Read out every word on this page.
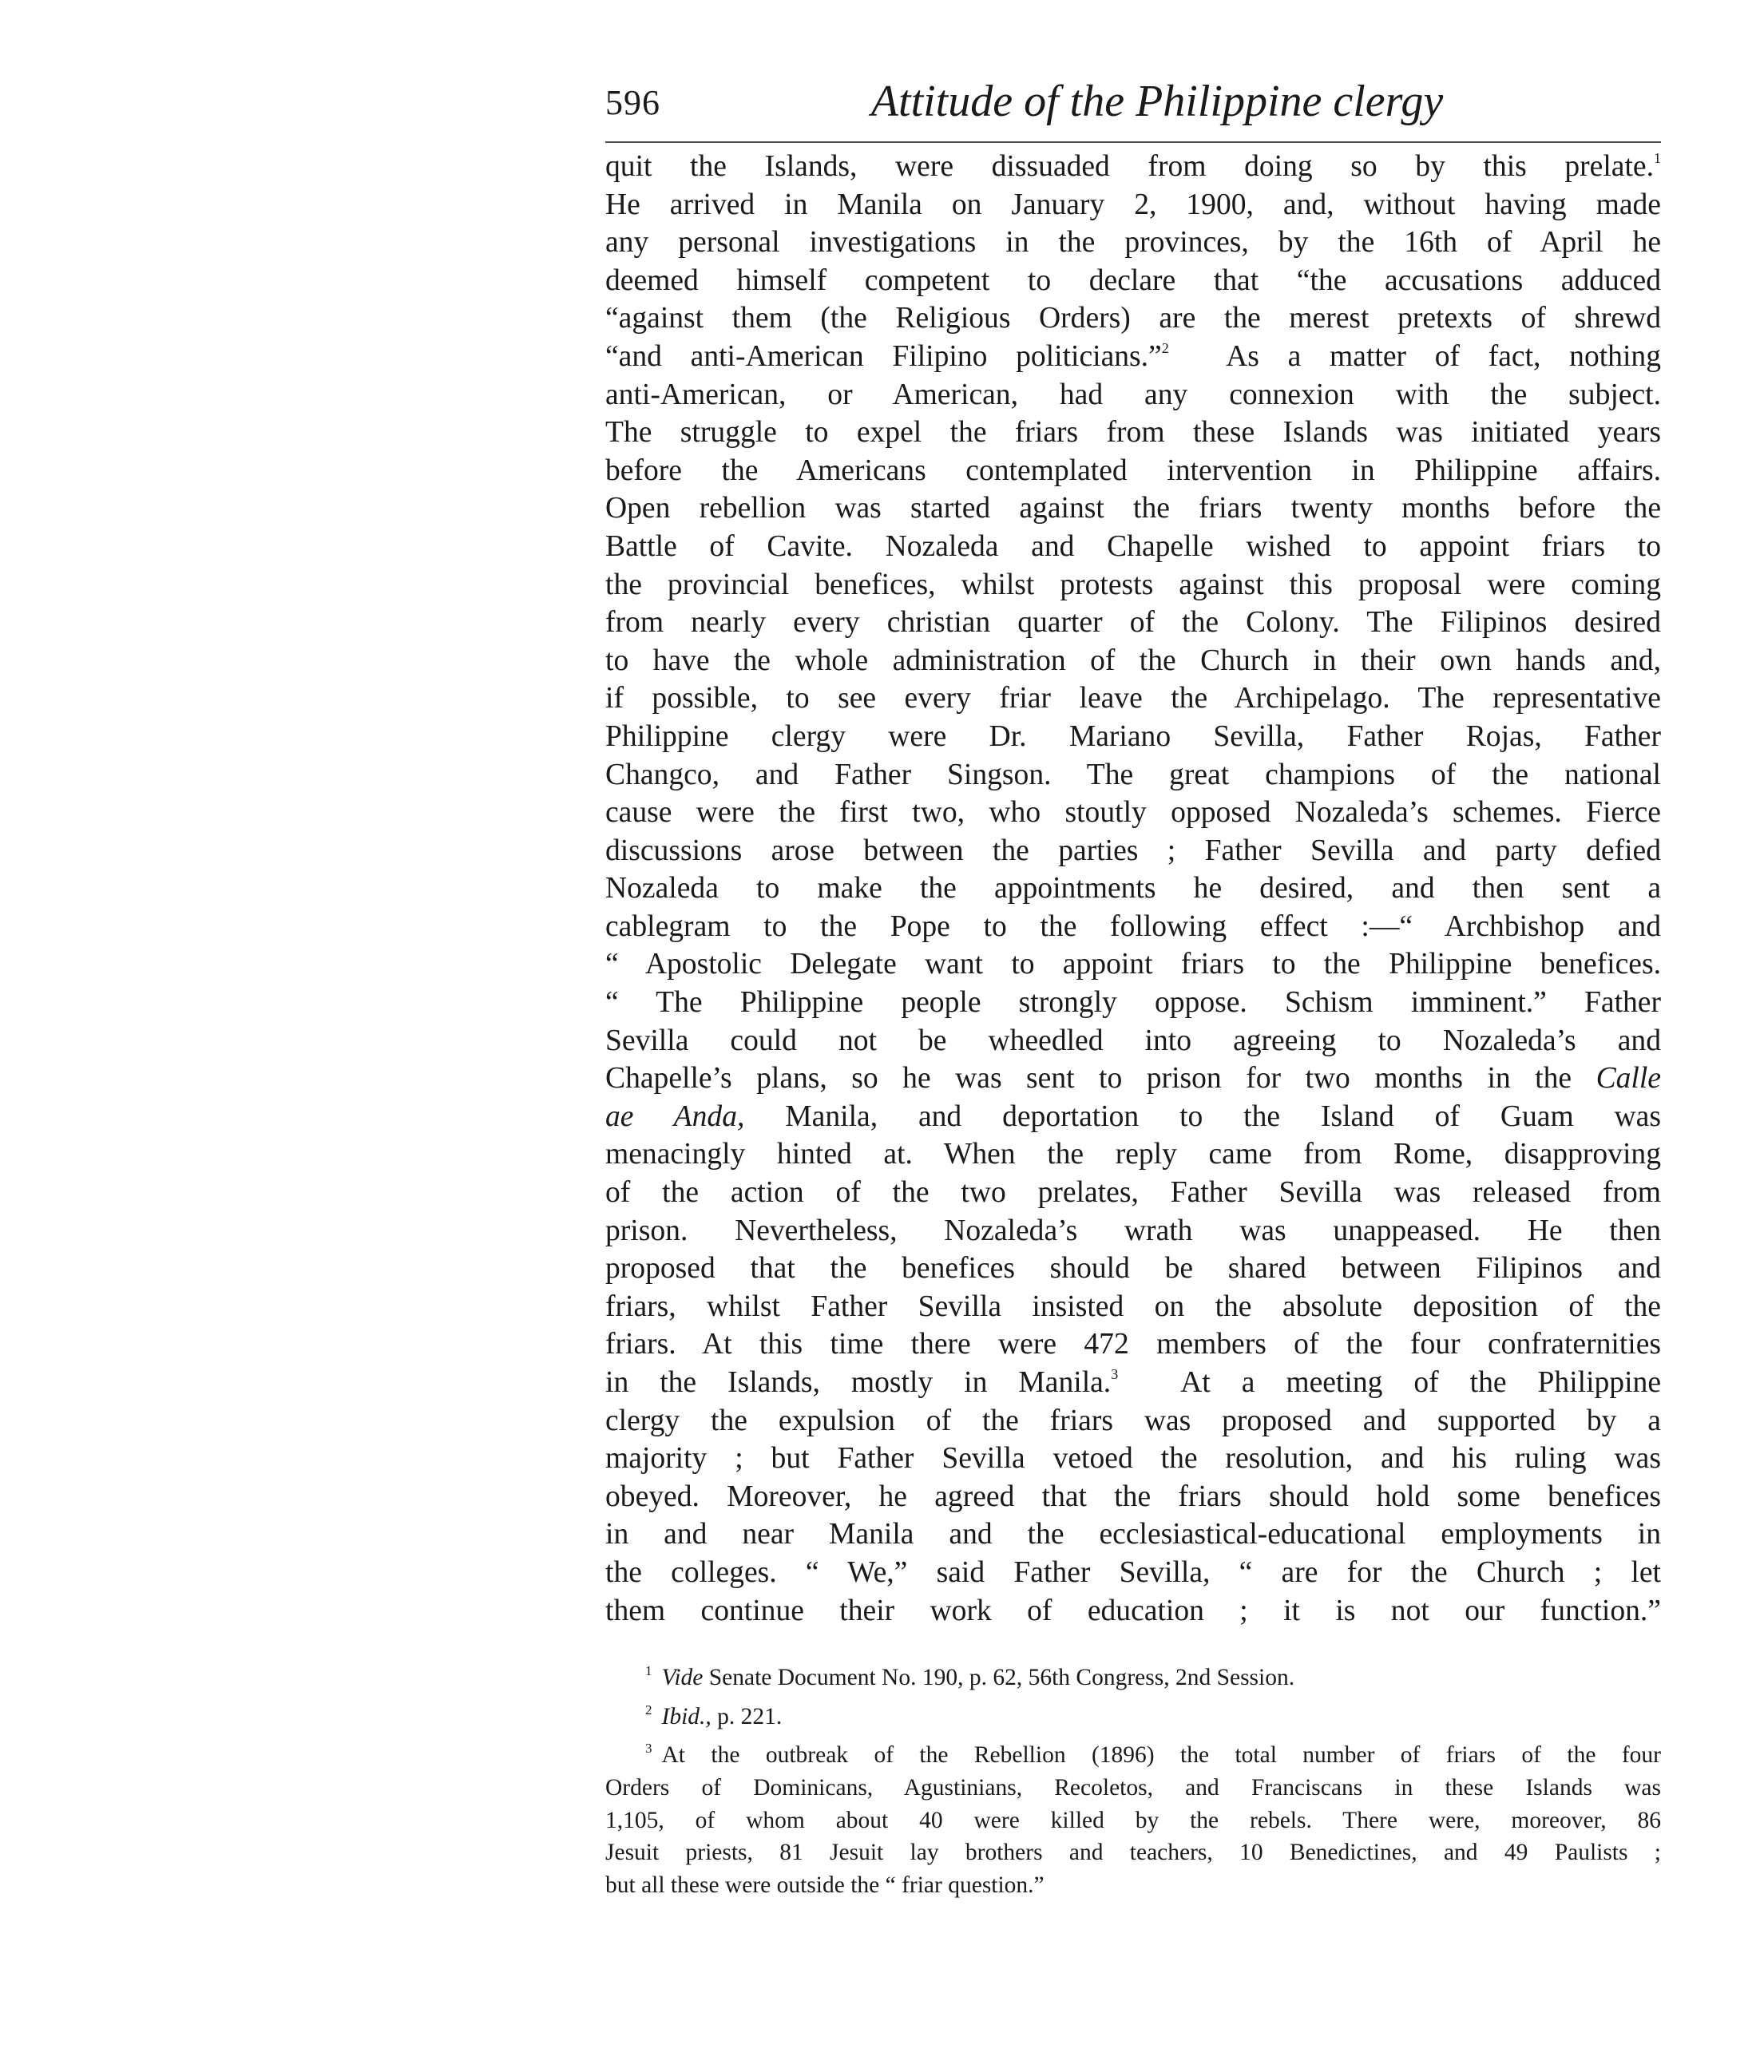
596	Attitude of the Philippine clergy
quit the Islands, were dissuaded from doing so by this prelate.$^1$
He arrived in Manila on January 2, 1900, and, without having made
any personal investigations in the provinces, by the 16th of April he
deemed himself competent to declare that “the accusations adduced
“against them (the Religious Orders) are the merest pretexts of shrewd
“and anti-American Filipino politicians.”$^2$ As a matter of fact, nothing
anti-American, or American, had any connexion with the subject.
The struggle to expel the friars from these Islands was initiated years
before the Americans contemplated intervention in Philippine affairs.
Open rebellion was started against the friars twenty months before the
Battle of Cavite. Nozaleda and Chapelle wished to appoint friars to
the provincial benefices, whilst protests against this proposal were coming
from nearly every christian quarter of the Colony. The Filipinos desired
to have the whole administration of the Church in their own hands and,
if possible, to see every friar leave the Archipelago. The representative
Philippine clergy were Dr. Mariano Sevilla, Father Rojas, Father
Changco, and Father Singson. The great champions of the national
cause were the first two, who stoutly opposed Nozaleda’s schemes. Fierce
discussions arose between the parties ; Father Sevilla and party defied
Nozaleda to make the appointments he desired, and then sent a
cablegram to the Pope to the following effect :—“ Archbishop and
“ Apostolic Delegate want to appoint friars to the Philippine benefices.
“ The Philippine people strongly oppose. Schism imminent.” Father
Sevilla could not be wheedled into agreeing to Nozaleda’s and
Chapelle’s plans, so he was sent to prison for two months in the Calle
ae Anda, Manila, and deportation to the Island of Guam was
menacingly hinted at. When the reply came from Rome, disapproving
of the action of the two prelates, Father Sevilla was released from
prison. Nevertheless, Nozaleda’s wrath was unappeased. He then
proposed that the benefices should be shared between Filipinos and
friars, whilst Father Sevilla insisted on the absolute deposition of the
friars. At this time there were 472 members of the four confraternities
in the Islands, mostly in Manila.$^3$ At a meeting of the Philippine
clergy the expulsion of the friars was proposed and supported by a
majority ; but Father Sevilla vetoed the resolution, and his ruling was
obeyed. Moreover, he agreed that the friars should hold some benefices
in and near Manila and the ecclesiastical-educational employments in
the colleges. “ We,” said Father Sevilla, “ are for the Church ; let
them continue their work of education ; it is not our function.”

$^1$ Vide Senate Document No. 190, p. 62, 56th Congress, 2nd Session.

$^2$ Ibid., p. 221.

$^3$ At the outbreak of the Rebellion (1896) the total number of friars of the four
Orders of Dominicans, Agustinians, Recoletos, and Franciscans in these Islands was
1,105, of whom about 40 were killed by the rebels. There were, moreover, 86
Jesuit priests, 81 Jesuit lay brothers and teachers, 10 Benedictines, and 49 Paulists ;
but all these were outside the “ friar question.”
